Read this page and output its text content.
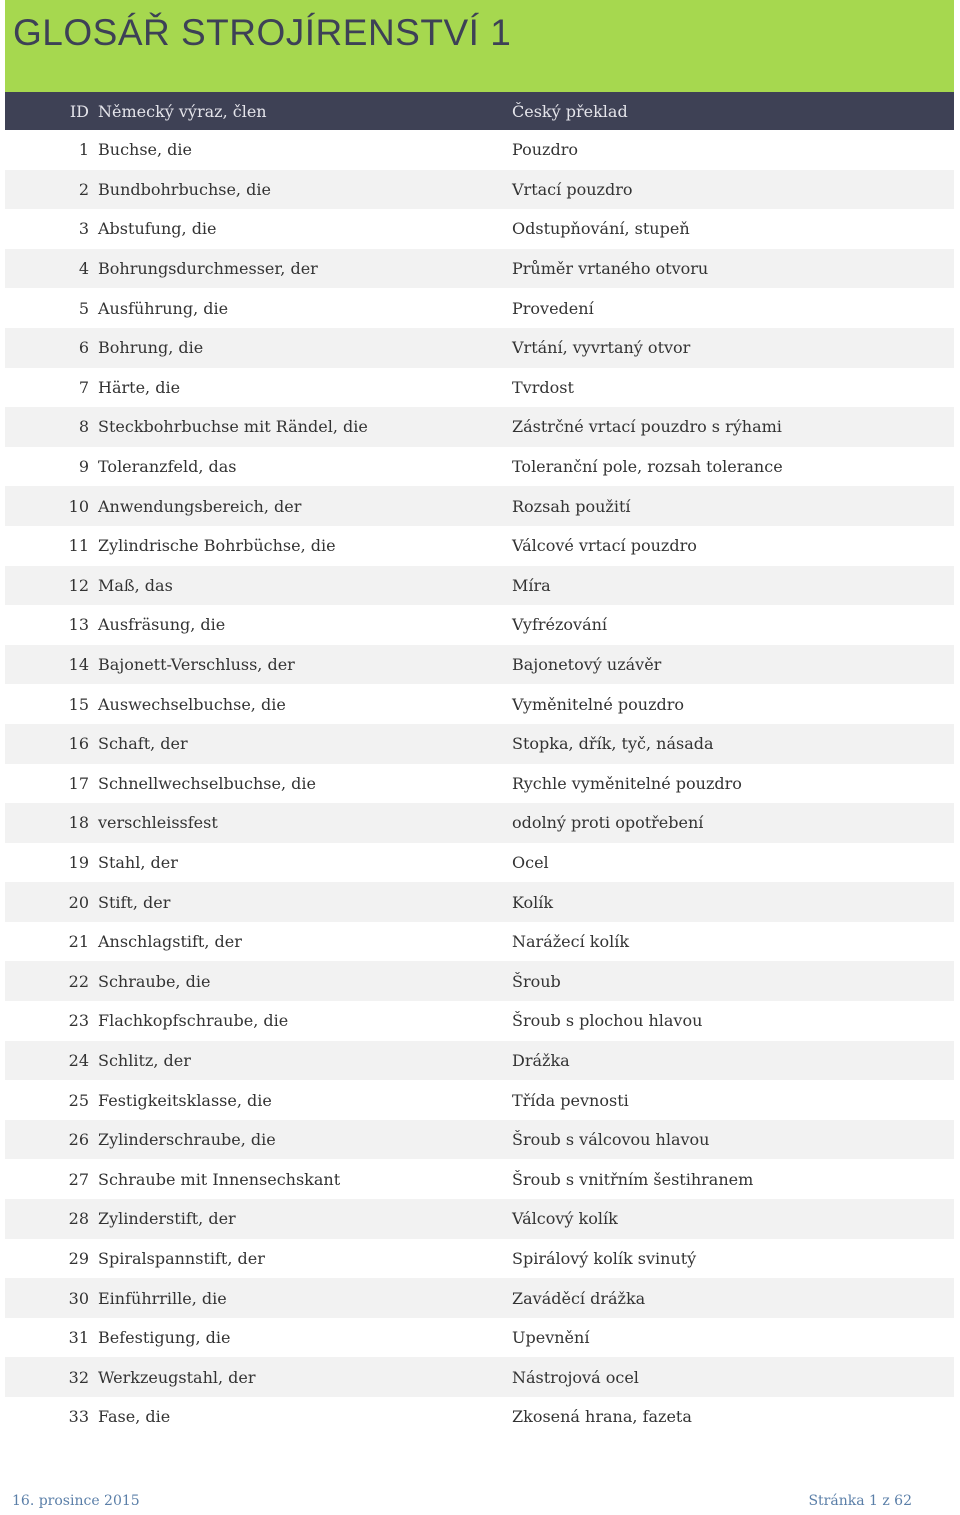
GLOSÁŘ STROJÍRENSTVÍ 1
ID Německý výraz, člen	Český překlad
1 Buchse, die	Pouzdro
2 Bundbohrbuchse, die	Vrtací pouzdro
3 Abstufung, die	Odstupňování, stupeň
4 Bohrungsdurchmesser, der	Průměr vrtaného otvoru
5 Ausführung, die	Provedení
6 Bohrung, die	Vrtání, vyvrtaný otvor
7 Härte, die	Tvrdost
8 Steckbohrbuchse mit Rändel, die	Zástrčné vrtací pouzdro s rýhami
9 Toleranzfeld, das	Toleranční pole, rozsah tolerance
10 Anwendungsbereich, der	Rozsah použití
11 Zylindrische Bohrbüchse, die	Válcové vrtací pouzdro
12 Maß, das	Míra
13 Ausfräsung, die	Vyfrézování
14 Bajonett-Verschluss, der	Bajonetový uzávěr
15 Auswechselbuchse, die	Vyměnitelné pouzdro
16 Schaft, der	Stopka, dřík, tyč, násada
17 Schnellwechselbuchse, die	Rychle vyměnitelné pouzdro
18 verschleissfest	odolný proti opotřebení
19 Stahl, der	Ocel
20 Stift, der	Kolík
21 Anschlagstift, der	Narážecí kolík
22 Schraube, die	Šroub
23 Flachkopfschraube, die	Šroub s plochou hlavou
24 Schlitz, der	Drážka
25 Festigkeitsklasse, die	Třída pevnosti
26 Zylinderschraube, die	Šroub s válcovou hlavou
27 Schraube mit Innensechskant	Šroub s vnitřním šestihranem
28 Zylinderstift, der	Válcový kolík
29 Spiralspannstift, der	Spirálový kolík svinutý
30 Einführrille, die	Zaváděcí drážka
31 Befestigung, die	Upevnění
32 Werkzeugstahl, der	Nástrojová ocel
33 Fase, die	Zkosená hrana, fazeta
16. prosince 2015	Stránka 1 z 62
